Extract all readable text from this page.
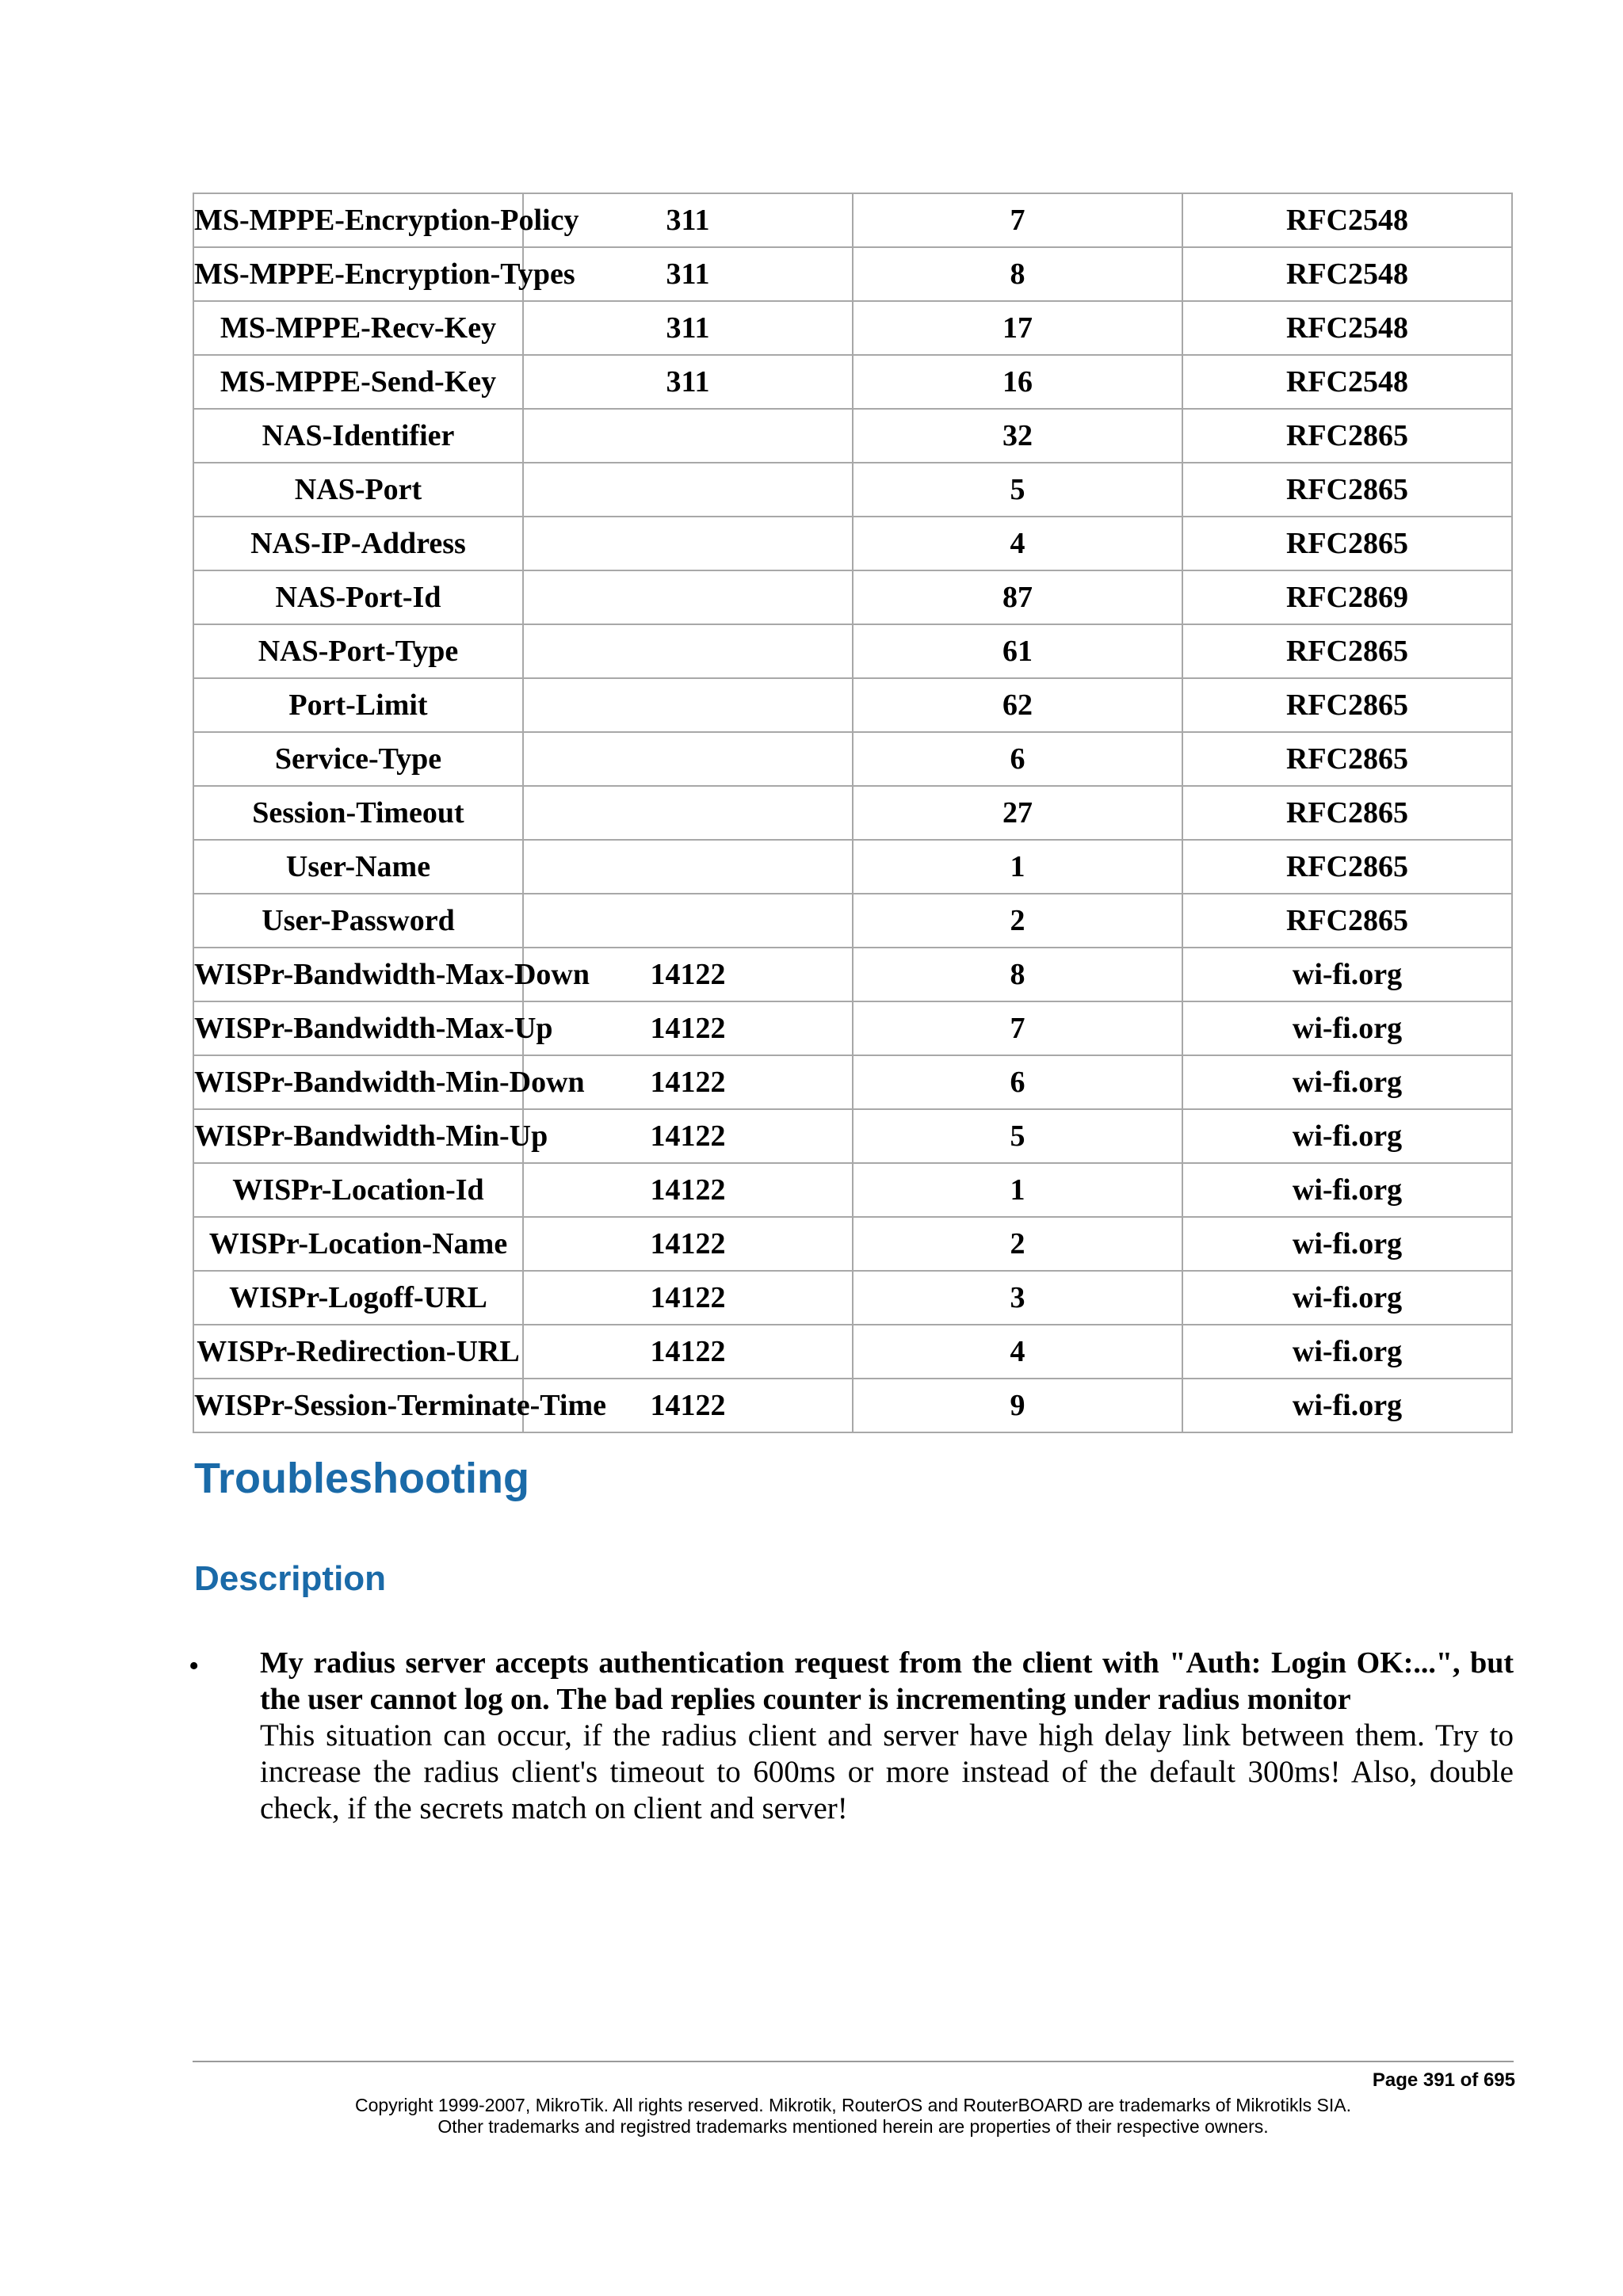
MS-MPPE-Encryption-Policy	311	7	RFC2548
MS-MPPE-Encryption-Types	311	8	RFC2548
MS-MPPE-Recv-Key	311	17	RFC2548
MS-MPPE-Send-Key	311	16	RFC2548
NAS-Identifier		32	RFC2865
NAS-Port		5	RFC2865
NAS-IP-Address		4	RFC2865
NAS-Port-Id		87	RFC2869
NAS-Port-Type		61	RFC2865
Port-Limit		62	RFC2865
Service-Type		6	RFC2865
Session-Timeout		27	RFC2865
User-Name		1	RFC2865
User-Password		2	RFC2865
WISPr-Bandwidth-Max-Down	14122	8	wi-fi.org
WISPr-Bandwidth-Max-Up	14122	7	wi-fi.org
WISPr-Bandwidth-Min-Down	14122	6	wi-fi.org
WISPr-Bandwidth-Min-Up	14122	5	wi-fi.org
WISPr-Location-Id	14122	1	wi-fi.org
WISPr-Location-Name	14122	2	wi-fi.org
WISPr-Logoff-URL	14122	3	wi-fi.org
WISPr-Redirection-URL	14122	4	wi-fi.org
WISPr-Session-Terminate-Time	14122	9	wi-fi.org
Troubleshooting
Description
• My radius server accepts authentication request from the client with "Auth: Login OK:...", but the user cannot log on. The bad replies counter is incrementing under radius monitor
This situation can occur, if the radius client and server have high delay link between them. Try to increase the radius client's timeout to 600ms or more instead of the default 300ms! Also, double check, if the secrets match on client and server!
Page 391 of 695
Copyright 1999-2007, MikroTik. All rights reserved. Mikrotik, RouterOS and RouterBOARD are trademarks of Mikrotikls SIA.
Other trademarks and registred trademarks mentioned herein are properties of their respective owners.
